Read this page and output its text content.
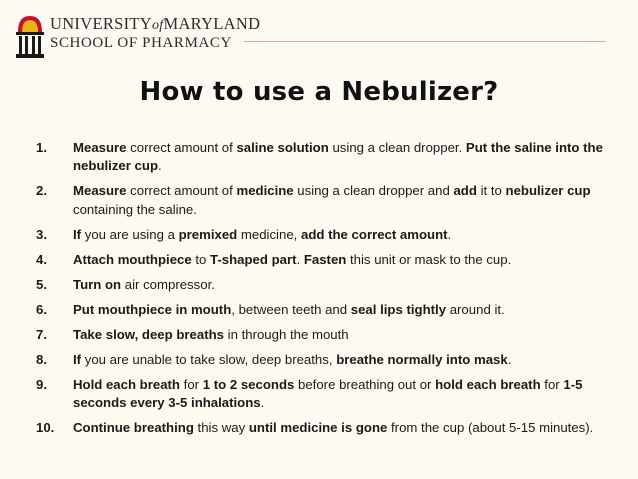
UNIVERSITYofMARYLAND
SCHOOL OF PHARMACY
How to use a Nebulizer?
1.	Measure correct amount of saline solution using a clean dropper. Put the saline into the nebulizer cup.
2.	Measure correct amount of medicine using a clean dropper and add it to nebulizer cup containing the saline.
3.	If you are using a premixed medicine, add the correct amount.
4.	Attach mouthpiece to T-shaped part. Fasten this unit or mask to the cup.
5.	Turn on air compressor.
6.	Put mouthpiece in mouth, between teeth and seal lips tightly around it.
7.	Take slow, deep breaths in through the mouth
8.	If you are unable to take slow, deep breaths, breathe normally into mask.
9.	Hold each breath for 1 to 2 seconds before breathing out or hold each breath for 1-5 seconds every 3-5 inhalations.
10.	Continue breathing this way until medicine is gone from the cup (about 5-15 minutes).
